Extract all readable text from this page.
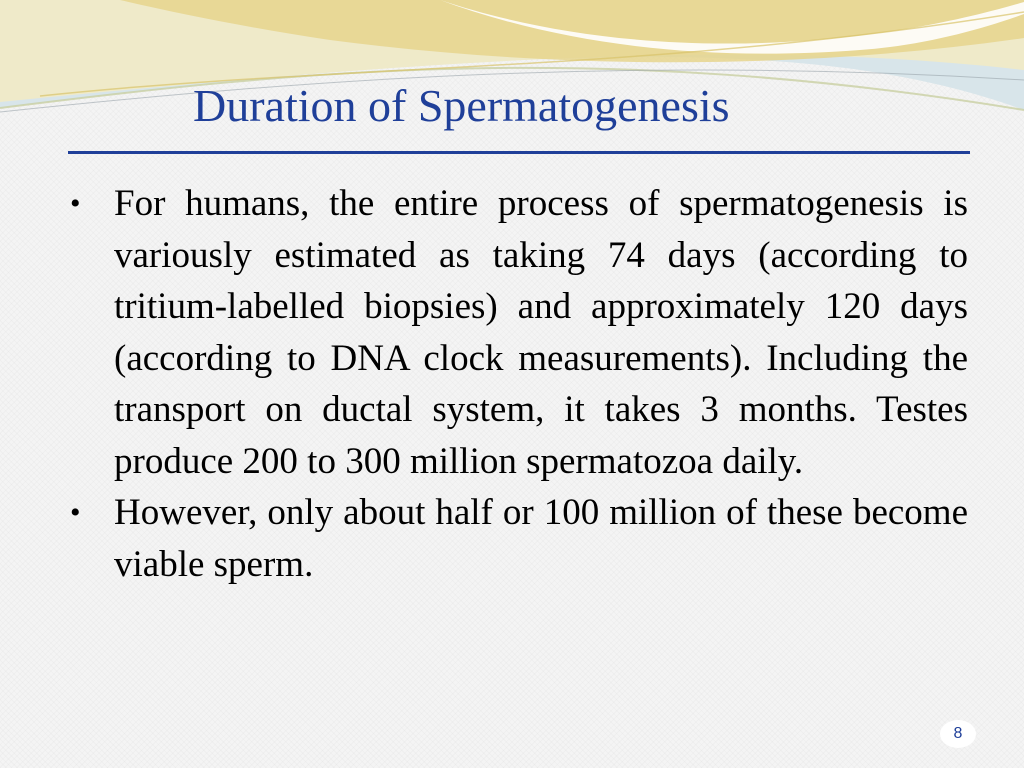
Duration of Spermatogenesis
• For humans, the entire process of spermatogenesis is variously estimated as taking 74 days (according to tritium-labelled biopsies) and approximately 120 days (according to DNA clock measurements). Including the transport on ductal system, it takes 3 months. Testes produce 200 to 300 million spermatozoa daily.
• However, only about half or 100 million of these become viable sperm.
8
